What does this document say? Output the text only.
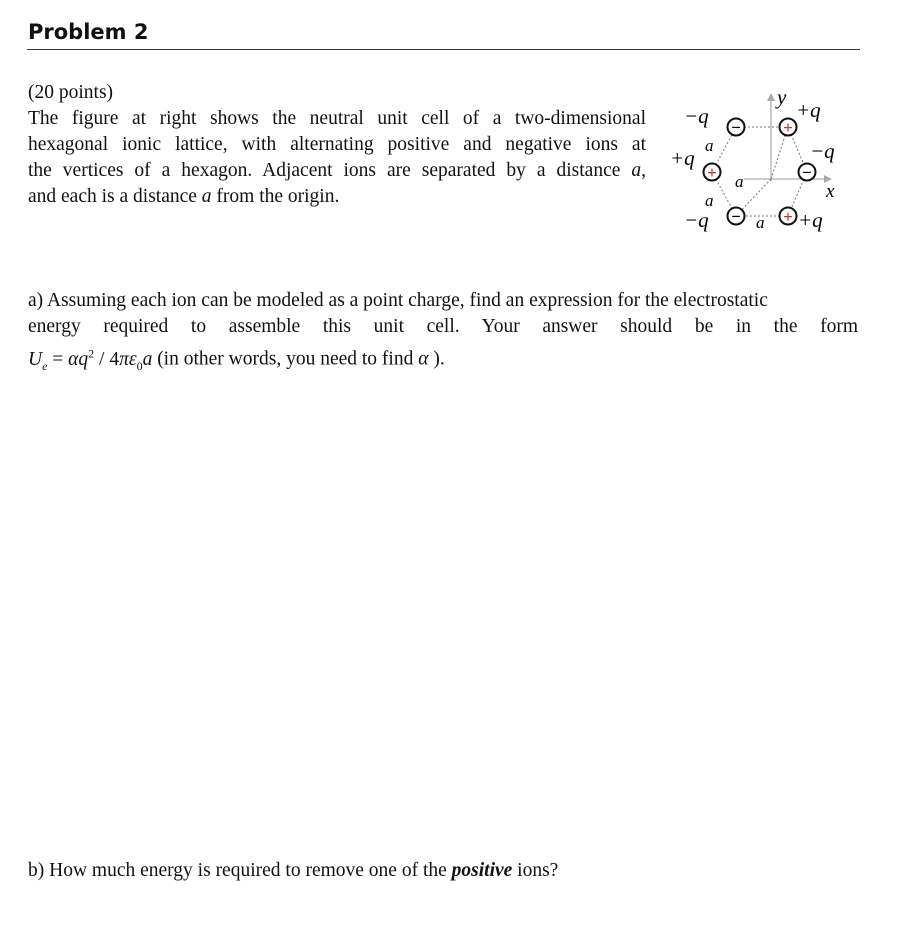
Problem 2
(20 points)
The figure at right shows the neutral unit cell of a two-dimensional
hexagonal ionic lattice, with alternating positive and negative ions at
the vertices of a hexagon. Adjacent ions are separated by a distance a,
and each is a distance a from the origin.
− +
−
+
−
+
−q	+q
−q
+q
−q	+q
y
x
a
a
a
a
a) Assuming each ion can be modeled as a point charge, find an expression for the electrostatic
energy required to assemble this unit cell. Your answer should be in the form
$U_e = \alpha q^2 / 4\pi\varepsilon_0a$ (in other words, you need to find α ).
b) How much energy is required to remove one of the positive ions?
